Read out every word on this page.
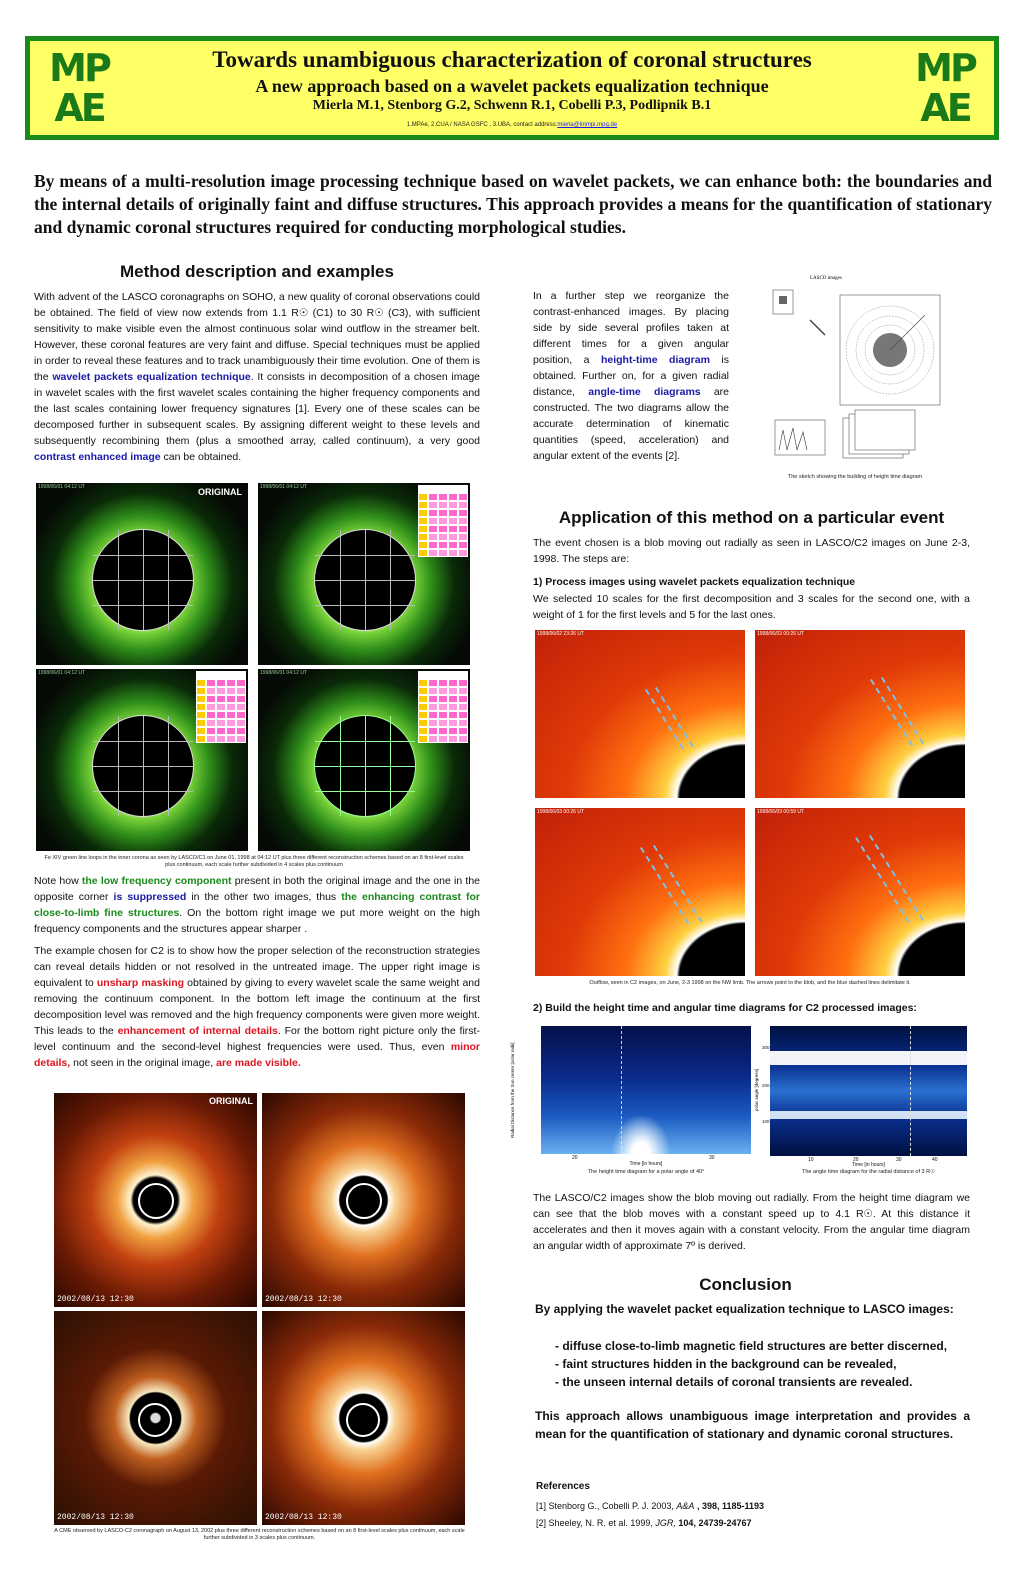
MP
AE
Towards unambiguous characterization of coronal structures
A new approach based on a wavelet packets equalization technique
Mierla M.1, Stenborg G.2, Schwenn R.1, Cobelli P.3, Podlipnik B.1
1.MPAe, 2.CUA / NASA GSFC , 3.UBA, contact address:mierla@linmpi.mpg.de
MP
AE
By means of a multi-resolution image processing technique based on wavelet packets, we can enhance both: the boundaries and the internal details of originally faint and diffuse structures. This approach provides a means for the quantification of stationary and dynamic coronal structures required for conducting morphological studies.
Method description and examples
With advent of the LASCO coronagraphs on SOHO, a new quality of coronal observations could be obtained. The field of view now extends from 1.1 R☉ (C1) to 30 R☉ (C3), with sufficient sensitivity to make visible even the almost continuous solar wind outflow in the streamer belt. However, these coronal features are very faint and diffuse. Special techniques must be applied in order to reveal these features and to track unambiguously their time evolution. One of them is the wavelet packets equalization technique. It consists in decomposition of a chosen image in wavelet scales with the first wavelet scales containing the higher frequency components and the last scales containing lower frequency signatures [1]. Every one of these scales can be decomposed further in subsequent scales. By assigning different weight to these levels and subsequently recombining them (plus a smoothed array, called continuum), a very good contrast enhanced image can be obtained.
1998/06/01 04:12 UT	ORIGINAL	1998/06/01 04:12 UT
1998/06/01 04:12 UT	1998/06/01 04:12 UT
Fe XIV green line loops in the inner corona as seen by LASCO/C1 on June 01, 1998 at 04:12 UT plus three different reconstruction schemes based on an 8 first-level scales plus continuum, each scale further subdivided in 4 scales plus continuum
Note how the low frequency component present in both the original image and the one in the opposite corner is suppressed in the other two images, thus the enhancing contrast for close-to-limb fine structures. On the bottom right image we put more weight on the high frequency components and the structures appear sharper .
The example chosen for C2 is to show how the proper selection of the reconstruction strategies can reveal details hidden or not resolved in the untreated image. The upper right image is equivalent to unsharp masking obtained by giving to every wavelet scale the same weight and removing the continuum component. In the bottom left image the continuum at the first decomposition level was removed and the high frequency components were given more weight. This leads to the enhancement of internal details. For the bottom right picture only the first-level continuum and the second-level highest frequencies were used. Thus, even minor details, not seen in the original image, are made visible.
ORIGINAL
2002/08/13 12:30	2002/08/13 12:30
2002/08/13 12:30	2002/08/13 12:30
A CME observed by LASCO-C2 coronagraph on August 13, 2002 plus three different reconstruction schemes based on an 8 first-level scales plus continuum, each scale further subdivided in 3 scales plus continuum.
In a further step we reorganize the contrast-enhanced images. By placing side by side several profiles taken at different times for a given angular position, a height-time diagram is obtained. Further on, for a given radial distance, angle-time diagrams are constructed. The two diagrams allow the accurate determination of kinematic quantities (speed, acceleration) and angular extent of the events [2].
LASCO images
The sketch showing the building of height time diagram
Application of this method on a particular event
The event chosen is a blob moving out radially as seen in LASCO/C2 images on June 2-3, 1998. The steps are:
1) Process images using wavelet packets equalization technique
We selected 10 scales for the first decomposition and 3 scales for the second one, with a weight of 1 for the first levels and 5 for the last ones.
1998/06/02 23:26 UT	1998/06/03 00:26 UT
1998/06/03 00:26 UT	1998/06/03 00:59 UT
Outflow, seen in C2 images, on June, 2-3 1998 on the NW limb. The arrows point to the blob, and the blue dashed lines delimitate it.
2) Build the height time and angular time diagrams for C2 processed images:
Radial Distance from the Sun center [solar radii]
20	30
Time [in hours]
The height time diagram for a polar angle of 40°
polar angle [degrees]
300
200
100
10	20	30	40
Time [in hours]
The angle time diagram for the radial distance of 3 R☉
The LASCO/C2 images show the blob moving out radially. From the height time diagram we can see that the blob moves with a constant speed up to 4.1 R☉. At this distance it accelerates and then it moves again with a constant velocity. From the angular time diagram an angular width of approximate 7º is derived.
Conclusion
By applying the wavelet packet equalization technique to LASCO images:
- diffuse close-to-limb magnetic field structures are better discerned,
- faint structures hidden in the background can be revealed,
- the unseen internal details of coronal transients are revealed.
This approach allows unambiguous image interpretation and provides a mean for the quantification of stationary and dynamic coronal structures.
References
[1] Stenborg G., Cobelli P. J. 2003, A&A , 398, 1185-1193
[2] Sheeley, N. R. et al. 1999, JGR, 104, 24739-24767
